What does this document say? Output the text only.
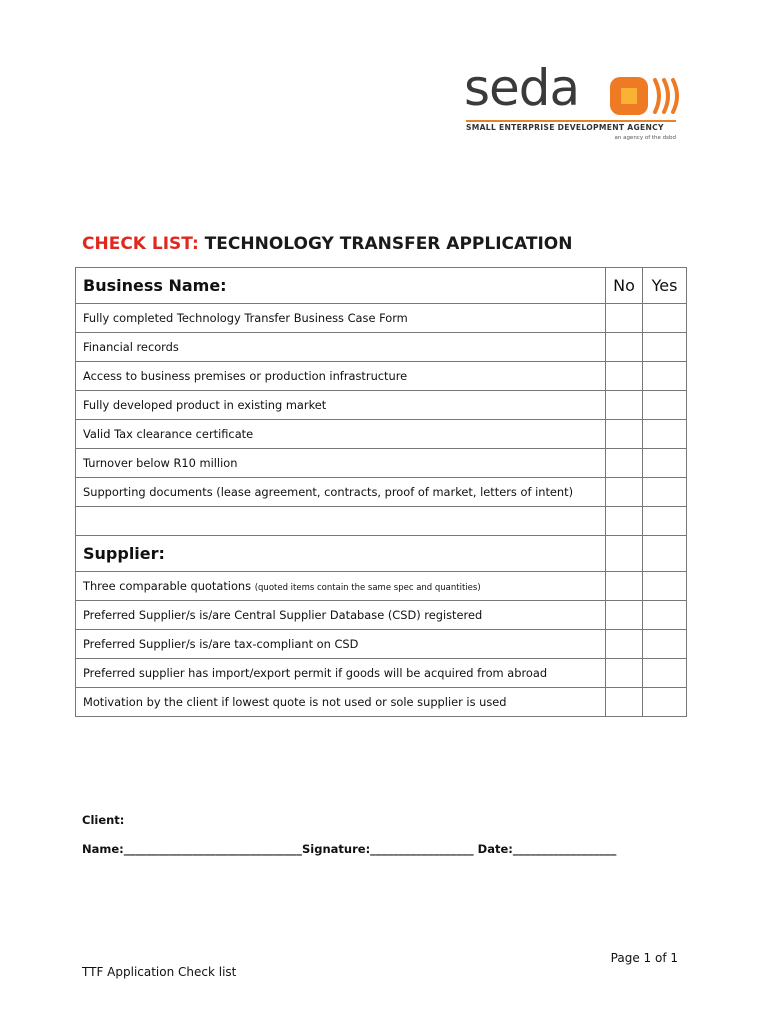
seda
SMALL ENTERPRISE DEVELOPMENT AGENCY
an agency of the dsbd
CHECK LIST: TECHNOLOGY TRANSFER APPLICATION
Business Name:	No	Yes
Fully completed Technology Transfer Business Case Form		
Financial records		
Access to business premises or production infrastructure		
Fully developed product in existing market		
Valid Tax clearance certificate		
Turnover below R10 million		
Supporting documents (lease agreement, contracts, proof of market, letters of intent)		

Supplier:		
Three comparable quotations (quoted items contain the same spec and quantities)		
Preferred Supplier/s is/are Central Supplier Database (CSD) registered		
Preferred Supplier/s is/are tax-compliant on CSD		
Preferred supplier has import/export permit if goods will be acquired from abroad		
Motivation by the client if lowest quote is not used or sole supplier is used		
Client:
Name:_______________________________Signature:__________________ Date:__________________
Page 1 of 1
TTF Application Check list
